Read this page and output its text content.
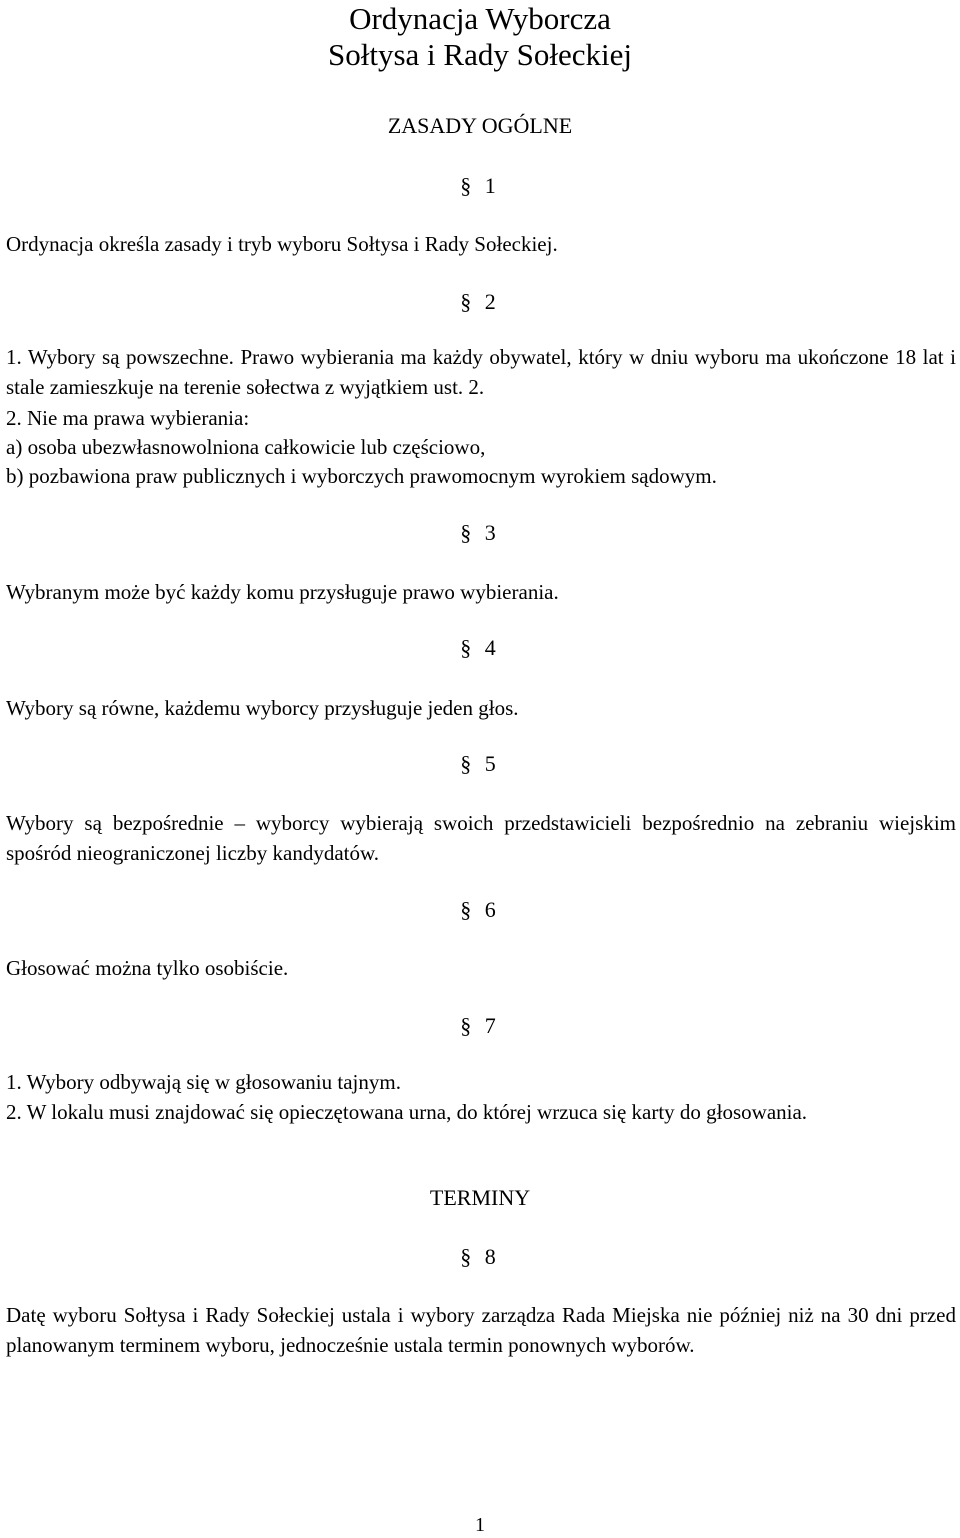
Ordynacja Wyborcza
Sołtysa i Rady Sołeckiej
ZASADY OGÓLNE
§ 1
Ordynacja określa zasady i tryb wyboru Sołtysa i Rady Sołeckiej.
§ 2
1. Wybory są powszechne. Prawo wybierania ma każdy obywatel, który w dniu wyboru ma ukończone 18 lat i stale zamieszkuje na terenie sołectwa z wyjątkiem ust. 2.
2. Nie ma prawa wybierania:
a) osoba ubezwłasnowolniona całkowicie lub częściowo,
b) pozbawiona praw publicznych i wyborczych prawomocnym wyrokiem sądowym.
§ 3
Wybranym może być każdy komu przysługuje prawo wybierania.
§ 4
Wybory są równe, każdemu wyborcy przysługuje jeden głos.
§ 5
Wybory są bezpośrednie – wyborcy wybierają swoich przedstawicieli bezpośrednio na zebraniu wiejskim spośród nieograniczonej liczby kandydatów.
§ 6
Głosować można tylko osobiście.
§ 7
1. Wybory odbywają się w głosowaniu tajnym.
2. W lokalu musi znajdować się opieczętowana urna, do której wrzuca się karty do głosowania.
TERMINY
§ 8
Datę wyboru Sołtysa i Rady Sołeckiej ustala i wybory zarządza Rada Miejska nie później niż na 30 dni przed planowanym terminem wyboru, jednocześnie ustala termin ponownych wyborów.
1
